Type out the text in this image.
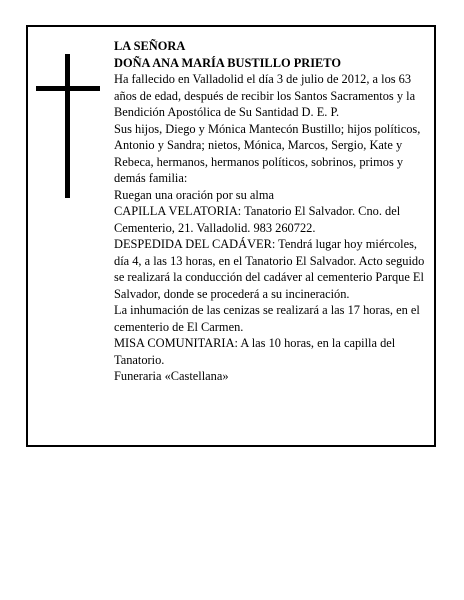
LA SEÑORA

DOÑA ANA MARÍA BUSTILLO PRIETO

Ha fallecido en Valladolid el día 3 de julio de 2012, a los 63 años de edad, después de recibir los Santos Sacramentos y la Bendición Apostólica de Su Santidad D. E. P.

Sus hijos, Diego y Mónica Mantecón Bustillo; hijos políticos, Antonio y Sandra; nietos, Mónica, Marcos, Sergio, Kate y Rebeca, hermanos, hermanos políticos, sobrinos, primos y demás familia:

Ruegan una oración por su alma

CAPILLA VELATORIA: Tanatorio El Salvador. Cno. del Cementerio, 21. Valladolid. 983 260722.

DESPEDIDA DEL CADÁVER: Tendrá lugar hoy miércoles, día 4, a las 13 horas, en el Tanatorio El Salvador. Acto seguido se realizará la conducción del cadáver al cementerio Parque El Salvador, donde se procederá a su incineración.

La inhumación de las cenizas se realizará a las 17 horas, en el cementerio de El Carmen.

MISA COMUNITARIA: A las 10 horas, en la capilla del Tanatorio.

Funeraria «Castellana»
